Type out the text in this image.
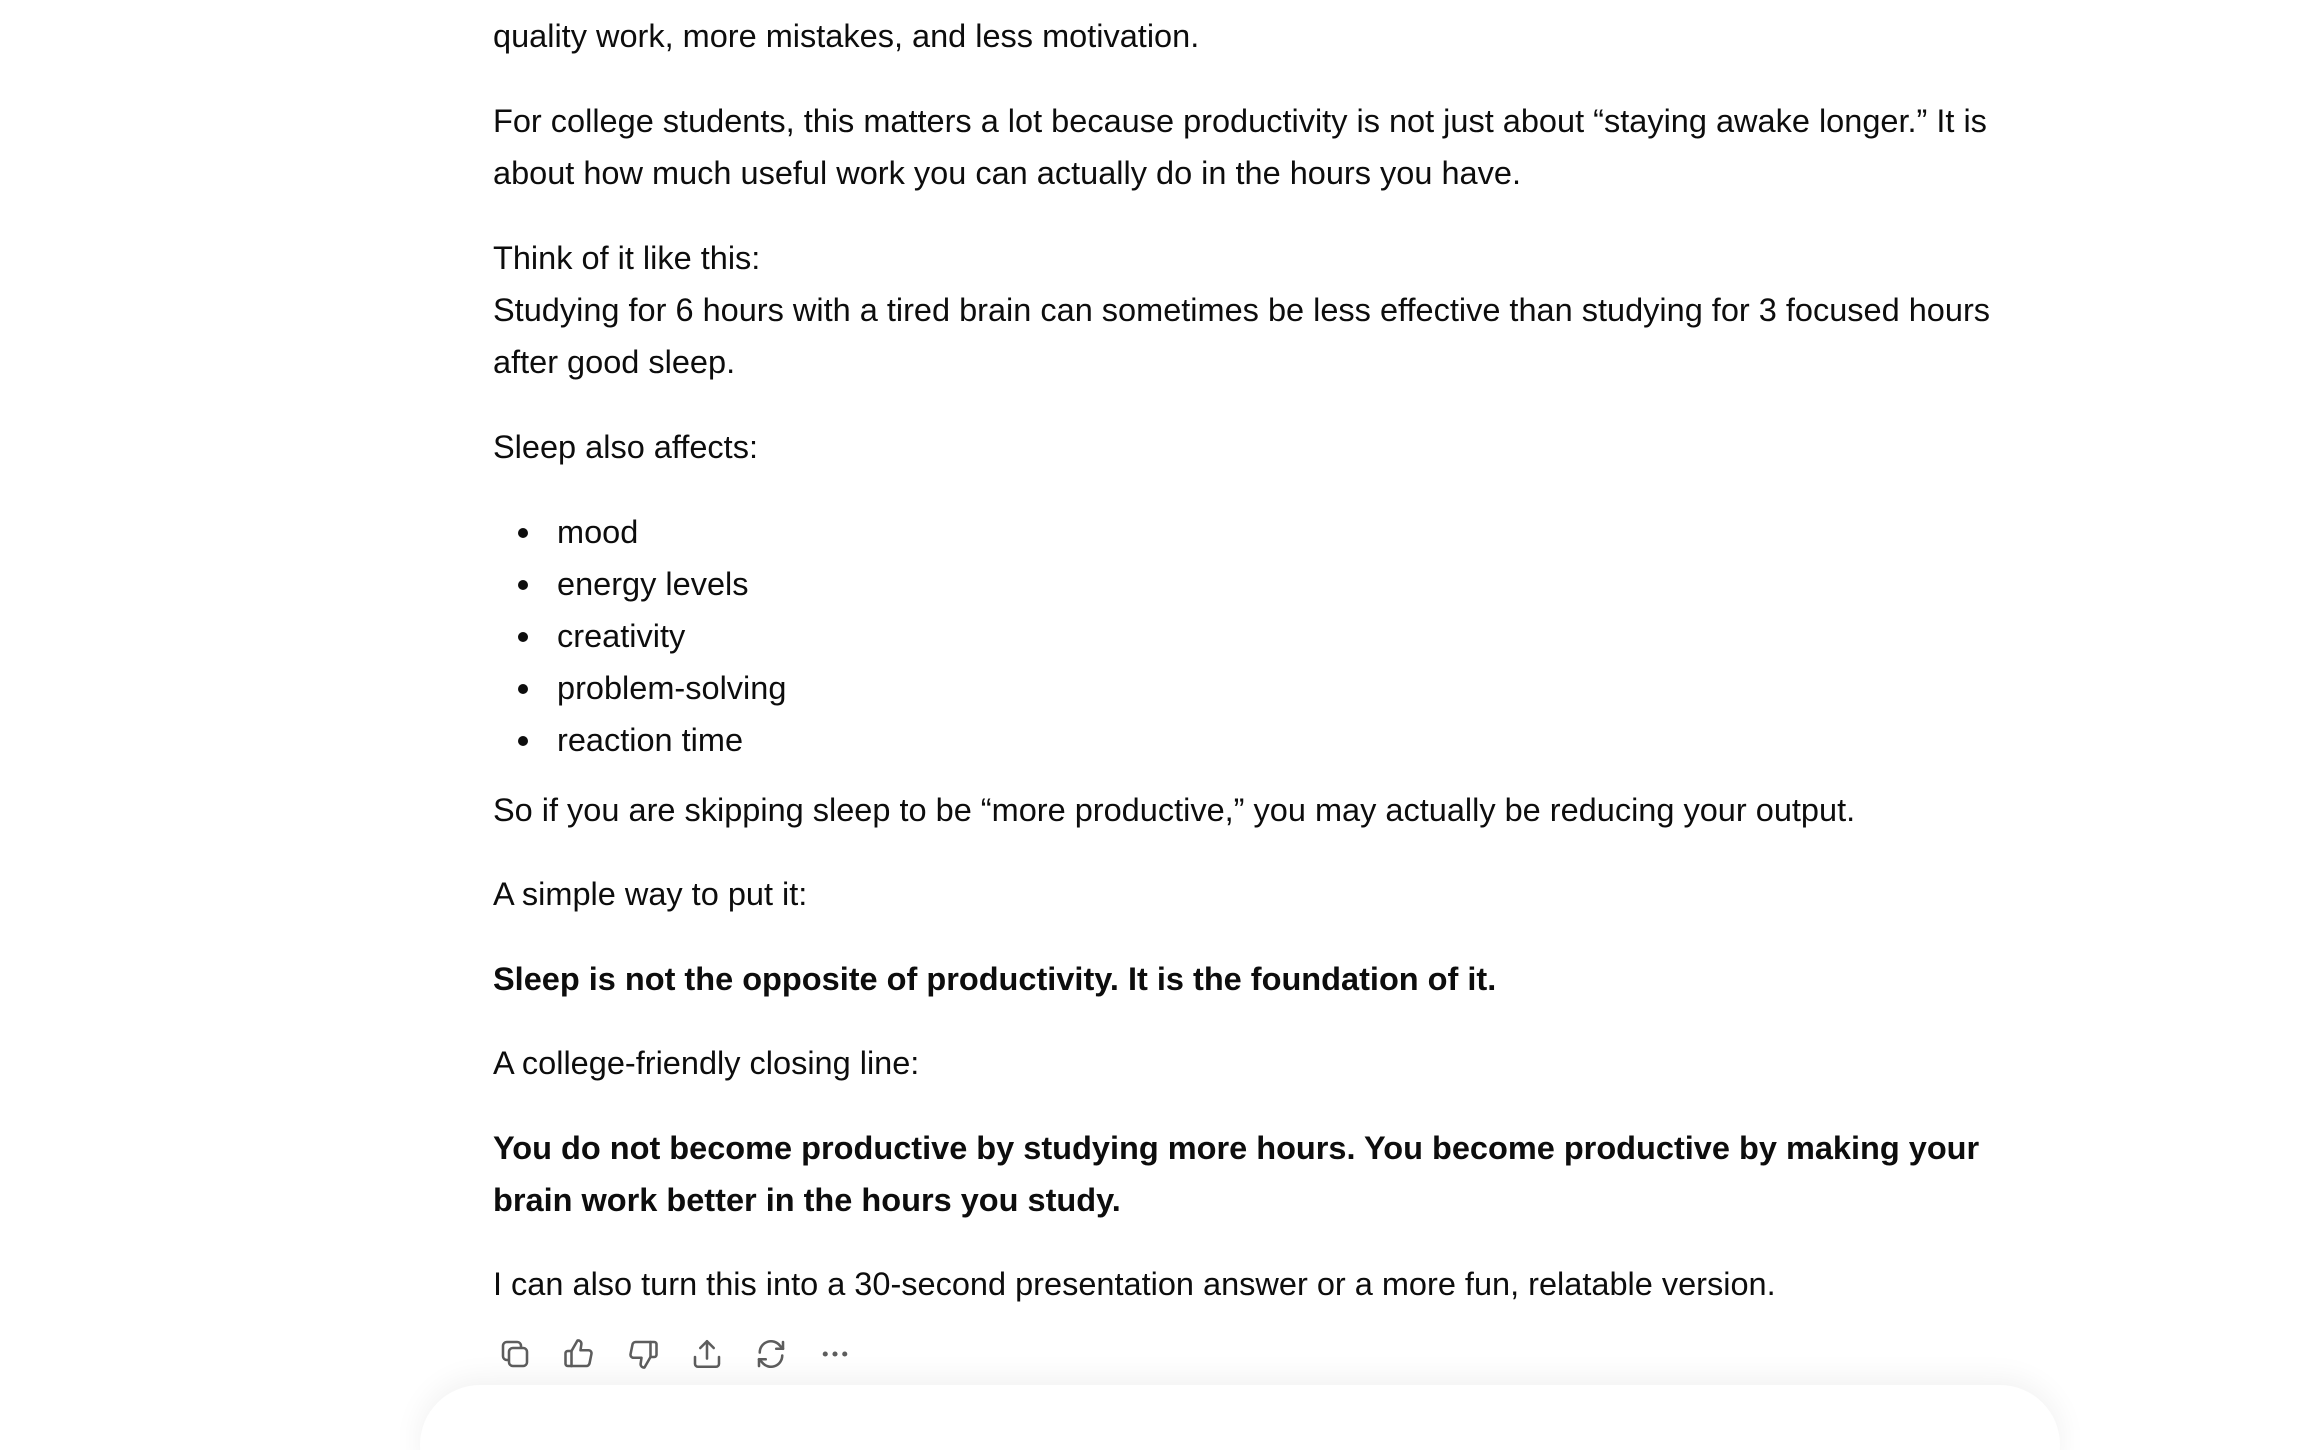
quality work, more mistakes, and less motivation.

For college students, this matters a lot because productivity is not just about “staying awake longer.” It is about how much useful work you can actually do in the hours you have.

Think of it like this:

Studying for 6 hours with a tired brain can sometimes be less effective than studying for 3 focused hours after good sleep.

Sleep also affects:

mood
energy levels
creativity
problem-solving
reaction time

So if you are skipping sleep to be “more productive,” you may actually be reducing your output.

A simple way to put it:

Sleep is not the opposite of productivity. It is the foundation of it.

A college-friendly closing line:

You do not become productive by studying more hours. You become productive by making your brain work better in the hours you study.

I can also turn this into a 30-second presentation answer or a more fun, relatable version.
